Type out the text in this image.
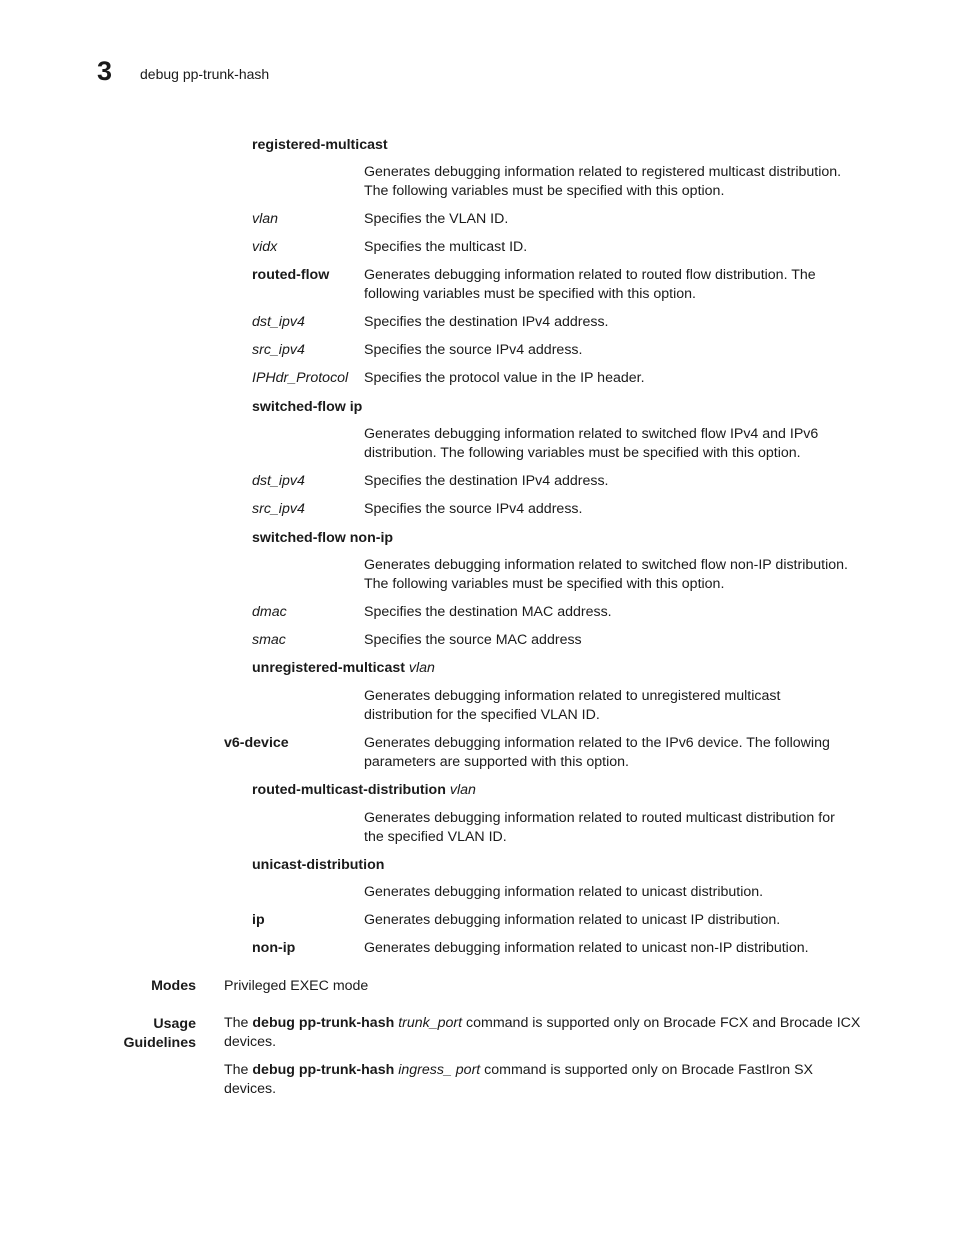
3 debug pp-trunk-hash
registered-multicast
Generates debugging information related to registered multicast distribution.
The following variables must be specified with this option.
vlan	Specifies the VLAN ID.
vidx	Specifies the multicast ID.
routed-flow Generates debugging information related to routed flow distribution. The
following variables must be specified with this option.
dst_ipv4	Specifies the destination IPv4 address.
src_ipv4	Specifies the source IPv4 address.
IPHdr_Protocol Specifies the protocol value in the IP header.
switched-flow ip
Generates debugging information related to switched flow IPv4 and IPv6
distribution. The following variables must be specified with this option.
dst_ipv4	Specifies the destination IPv4 address.
src_ipv4	Specifies the source IPv4 address.
switched-flow non-ip
Generates debugging information related to switched flow non-IP distribution.
The following variables must be specified with this option.
dmac	Specifies the destination MAC address.
smac	Specifies the source MAC address
unregistered-multicast vlan
Generates debugging information related to unregistered multicast
distribution for the specified VLAN ID.
v6-device	Generates debugging information related to the IPv6 device. The following
parameters are supported with this option.
routed-multicast-distribution vlan
Generates debugging information related to routed multicast distribution for
the specified VLAN ID.
unicast-distribution
Generates debugging information related to unicast distribution.
ip	Generates debugging information related to unicast IP distribution.
non-ip	Generates debugging information related to unicast non-IP distribution.
Modes Privileged EXEC mode
Usage
Guidelines
The debug pp-trunk-hash trunk_port command is supported only on Brocade FCX and Brocade ICX
devices.
The debug pp-trunk-hash ingress_ port command is supported only on Brocade FastIron SX
devices.
